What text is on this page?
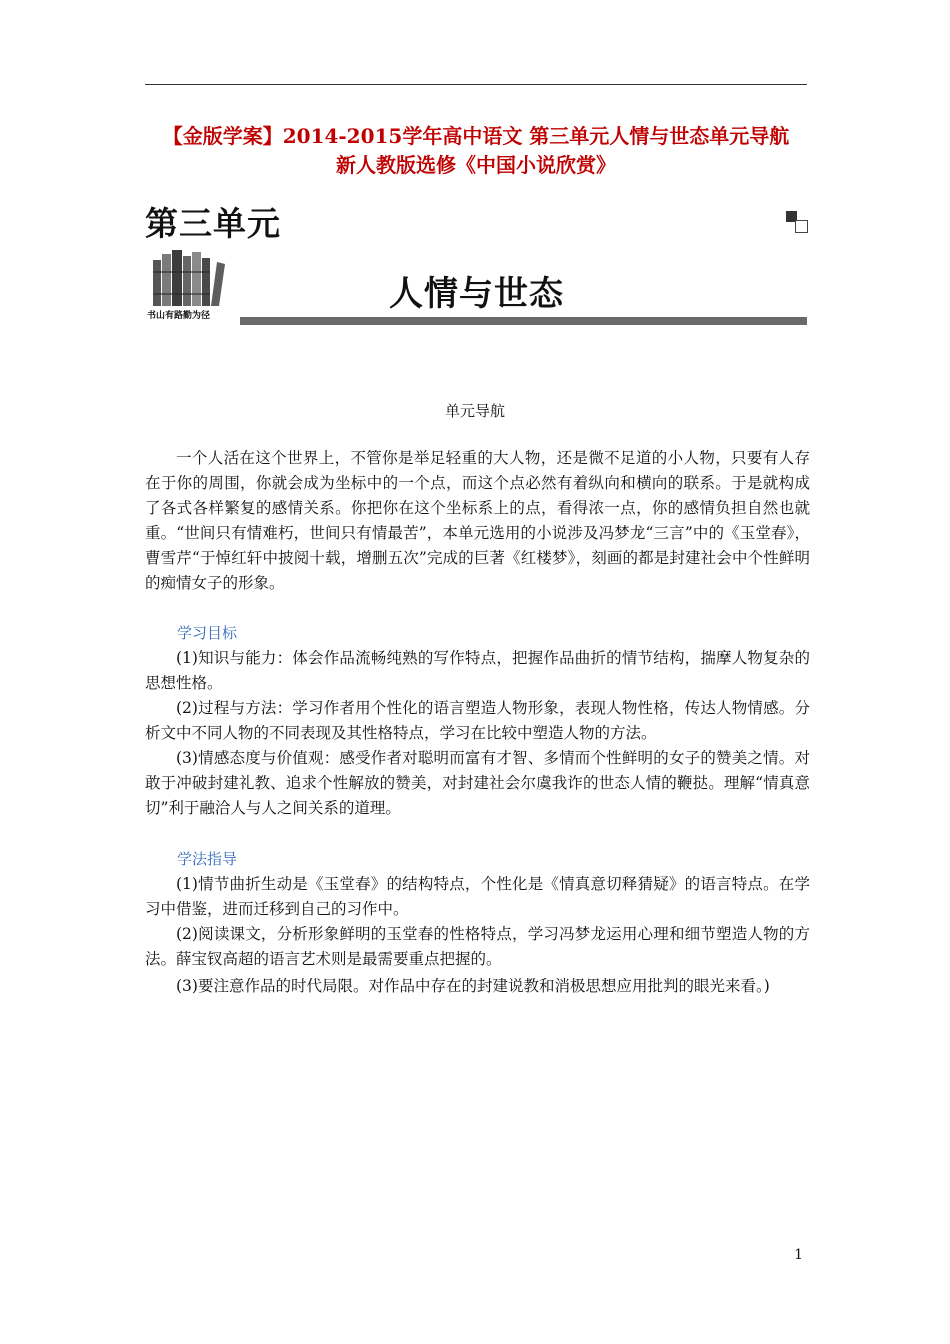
【金版学案】2014-2015学年高中语文 第三单元人情与世态单元导航
新人教版选修《中国小说欣赏》
第三单元
书山有路勤为径
人情与世态
单元导航
一个人活在这个世界上，不管你是举足轻重的大人物，还是微不足道的小人物，只要有人存在于你的周围，你就会成为坐标中的一个点，而这个点必然有着纵向和横向的联系。于是就构成了各式各样繁复的感情关系。你把你在这个坐标系上的点，看得浓一点，你的感情负担自然也就重。“世间只有情难朽，世间只有情最苦”，本单元选用的小说涉及冯梦龙“三言”中的《玉堂春》，曹雪芹“于悼红轩中披阅十载，增删五次”完成的巨著《红楼梦》，刻画的都是封建社会中个性鲜明的痴情女子的形象。
学习目标
(1)知识与能力：体会作品流畅纯熟的写作特点，把握作品曲折的情节结构，揣摩人物复杂的思想性格。
(2)过程与方法：学习作者用个性化的语言塑造人物形象，表现人物性格，传达人物情感。分析文中不同人物的不同表现及其性格特点，学习在比较中塑造人物的方法。
(3)情感态度与价值观：感受作者对聪明而富有才智、多情而个性鲜明的女子的赞美之情。对敢于冲破封建礼教、追求个性解放的赞美，对封建社会尔虞我诈的世态人情的鞭挞。理解“情真意切”利于融洽人与人之间关系的道理。
学法指导
(1)情节曲折生动是《玉堂春》的结构特点，个性化是《情真意切释猜疑》的语言特点。在学习中借鉴，进而迁移到自己的习作中。
(2)阅读课文，分析形象鲜明的玉堂春的性格特点，学习冯梦龙运用心理和细节塑造人物的方法。薛宝钗高超的语言艺术则是最需要重点把握的。
(3)要注意作品的时代局限。对作品中存在的封建说教和消极思想应用批判的眼光来看。)
1
